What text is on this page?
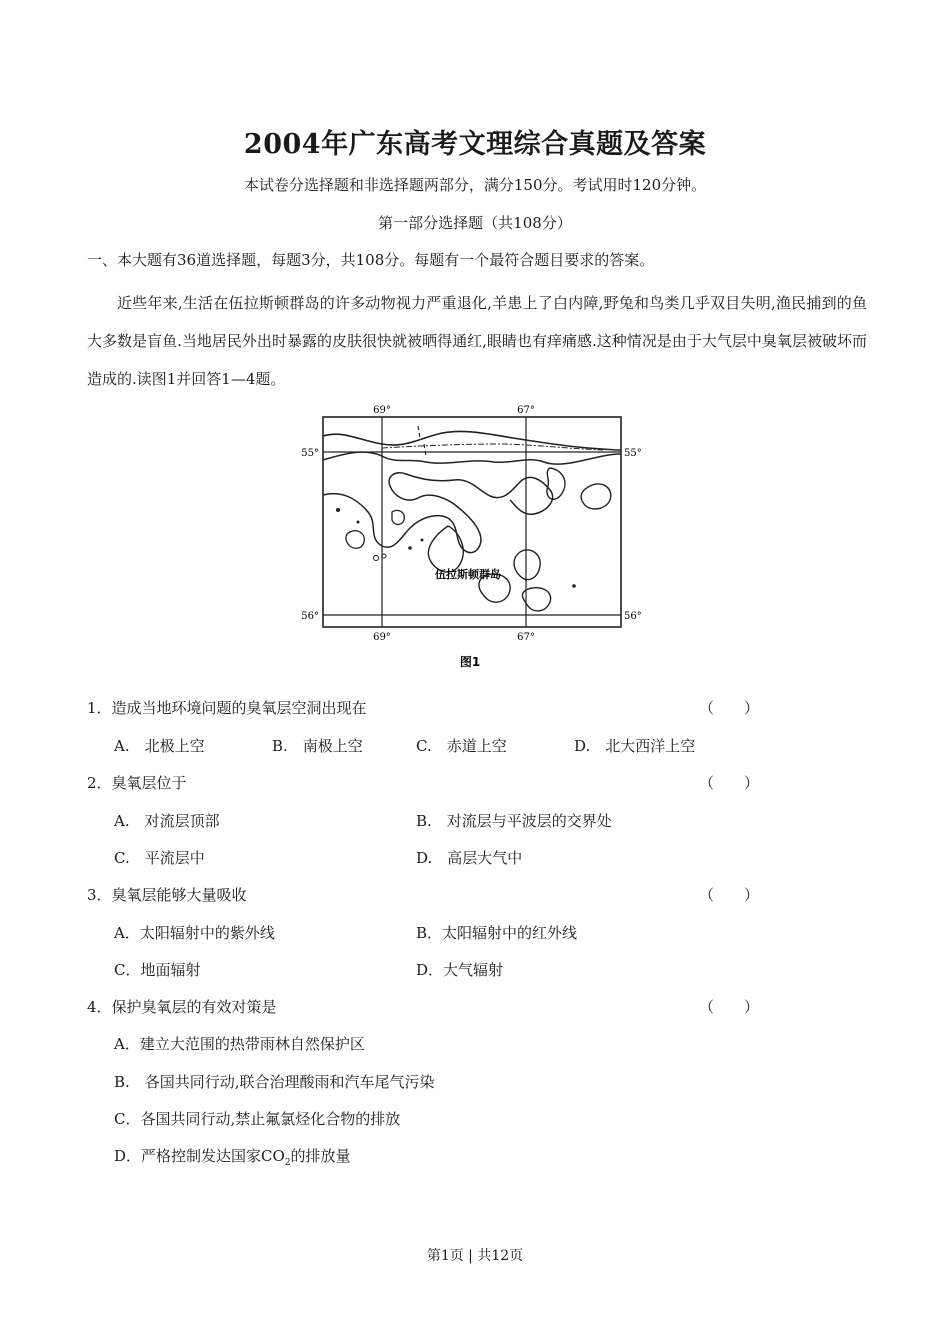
2004年广东高考文理综合真题及答案
本试卷分选择题和非选择题两部分，满分150分。考试用时120分钟。
第一部分选择题（共108分）
一、本大题有36道选择题，每题3分，共108分。每题有一个最符合题目要求的答案。
近些年来,生活在伍拉斯顿群岛的许多动物视力严重退化,羊患上了白内障,野兔和鸟类几乎双目失明,渔民捕到的鱼大多数是盲鱼.当地居民外出时暴露的皮肤很快就被晒得通红,眼睛也有痒痛感.这种情况是由于大气层中臭氧层被破坏而造成的.读图1并回答1—4题。
69°	67°
69°	67°
55°	55°
56°	56°
伍拉斯顿群岛
图1
1．造成当地环境问题的臭氧层空洞出现在	（　　）
A.　北极上空	B.　南极上空	C.　赤道上空	D.　北大西洋上空
2．臭氧层位于	（　　）
A.　对流层顶部	B.　对流层与平波层的交界处
C.　平流层中	D.　高层大气中
3．臭氧层能够大量吸收	（　　）
A．太阳辐射中的紫外线	B．太阳辐射中的红外线
C．地面辐射	D．大气辐射
4．保护臭氧层的有效对策是	（　　）
A．建立大范围的热带雨林自然保护区
B.　各国共同行动,联合治理酸雨和汽车尾气污染
C．各国共同行动,禁止氟氯烃化合物的排放
D．严格控制发达国家$CO_2$的排放量
第1页 | 共12页
